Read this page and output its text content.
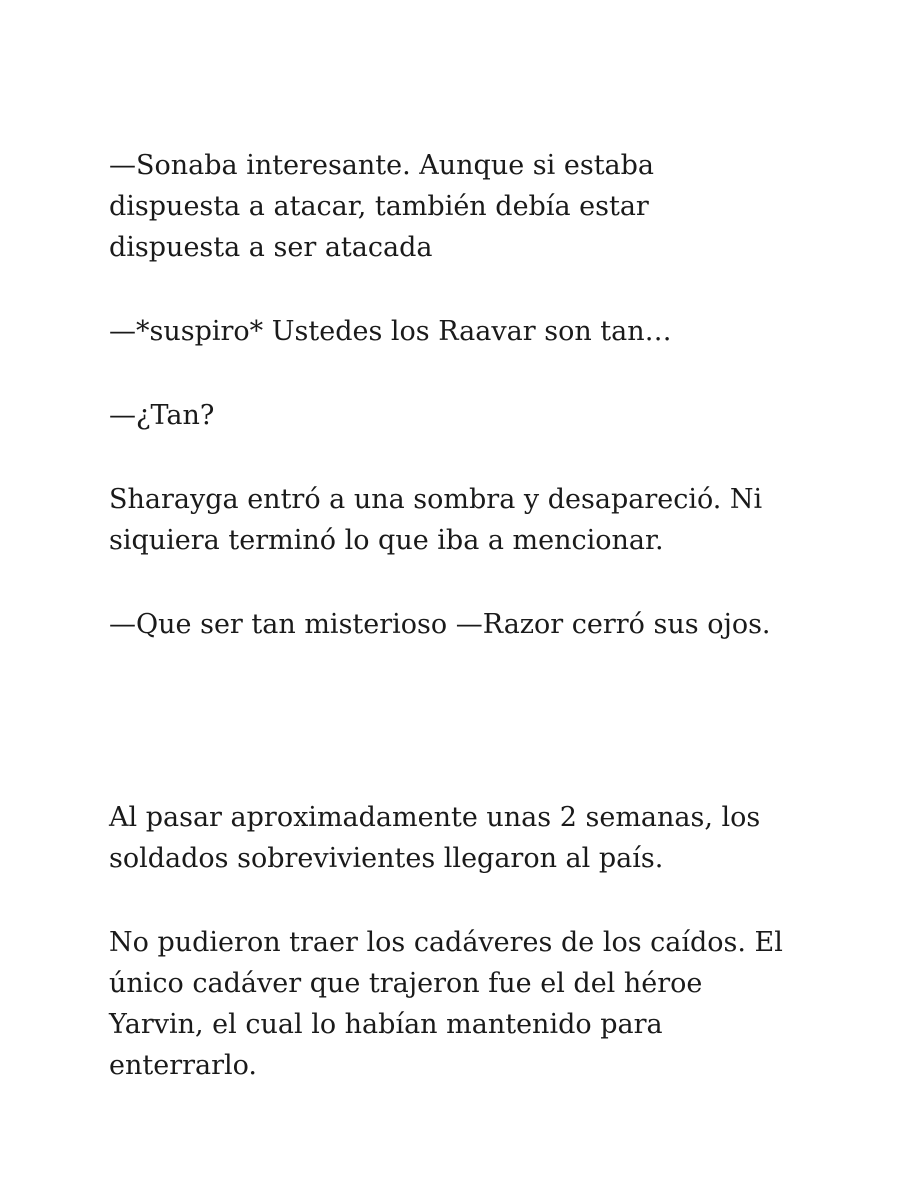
—Sonaba interesante. Aunque si estaba
dispuesta a atacar, también debía estar
dispuesta a ser atacada

—*suspiro* Ustedes los Raavar son tan…

—¿Tan?

Sharayga entró a una sombra y desapareció. Ni
siquiera terminó lo que iba a mencionar.

—Que ser tan misterioso —Razor cerró sus ojos.

Al pasar aproximadamente unas 2 semanas, los
soldados sobrevivientes llegaron al país.

No pudieron traer los cadáveres de los caídos. El
único cadáver que trajeron fue el del héroe
Yarvin, el cual lo habían mantenido para
enterrarlo.
